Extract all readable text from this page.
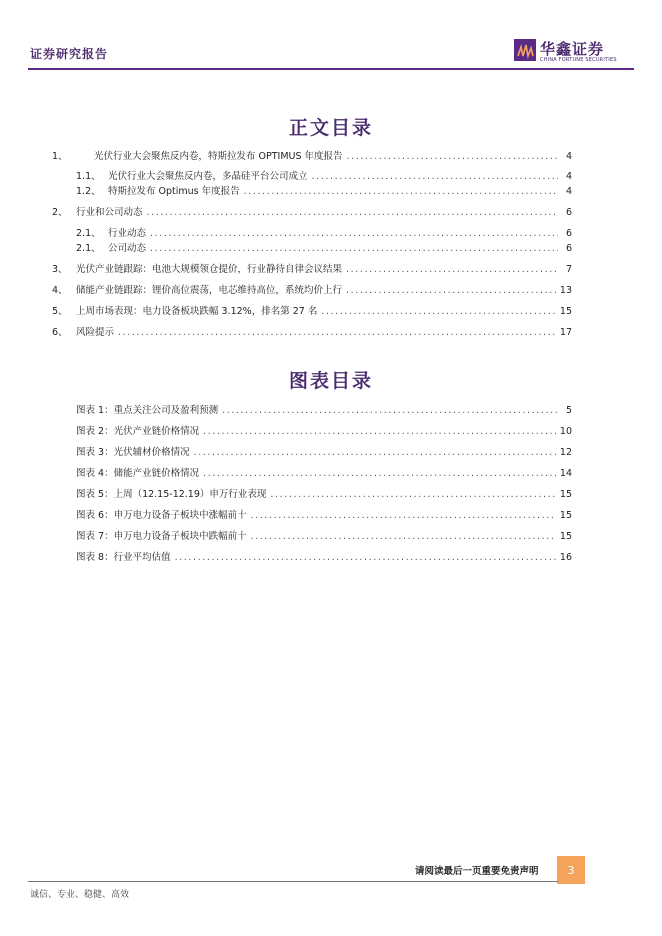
证券研究报告	华鑫证券
CHINA FORTUNE SECURITIES
正文目录
1、	光伏行业大会聚焦反内卷，特斯拉发布 OPTIMUS 年度报告 .....	4
1.1、 光伏行业大会聚焦反内卷，多晶硅平台公司成立 .....	4
1.2、 特斯拉发布 Optimus 年度报告 .....	4
2、 行业和公司动态 .....	6
2.1、 行业动态 .....	6
2.1、 公司动态 .....	6
3、 光伏产业链跟踪：电池大规模领仓提价，行业静待自律会议结果 .....	7
4、 储能产业链跟踪：锂价高位震荡，电芯维持高位，系统均价上行 .....	13
5、 上周市场表现：电力设备板块跌幅 3.12%，排名第 27 名 .....	15
6、 风险提示 .....	17
图表目录
图表 1：重点关注公司及盈利预测 .....	5
图表 2：光伏产业链价格情况 .....	10
图表 3：光伏辅材价格情况 .....	12
图表 4：储能产业链价格情况 .....	14
图表 5：上周（12.15-12.19）申万行业表现 .....	15
图表 6：申万电力设备子板块中涨幅前十 .....	15
图表 7：申万电力设备子板块中跌幅前十 .....	15
图表 8：行业平均估值 .....	16
请阅读最后一页重要免责声明	3
诚信、专业、稳健、高效
